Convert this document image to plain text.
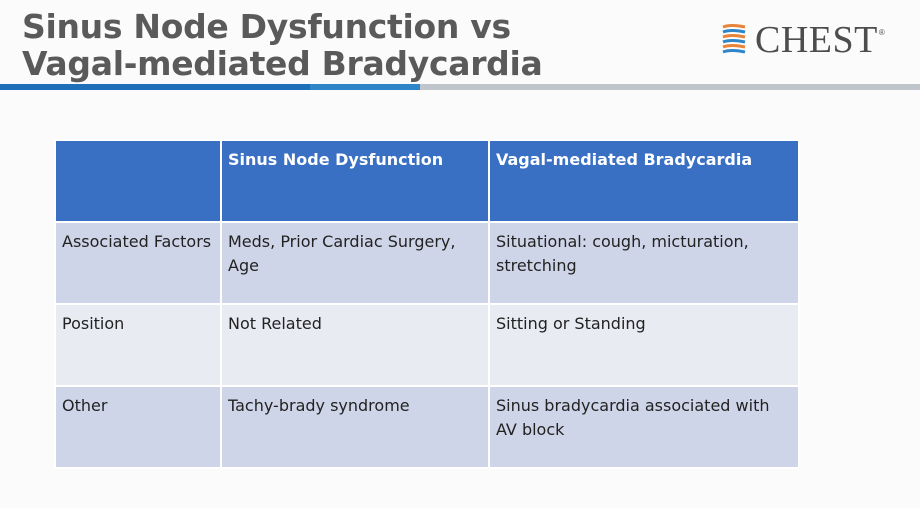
Sinus Node Dysfunction vs
Vagal-mediated Bradycardia
CHEST ®
	Sinus Node Dysfunction	Vagal-mediated Bradycardia
Associated Factors	Meds, Prior Cardiac Surgery, Age	Situational: cough, micturation, stretching
Position	Not Related	Sitting or Standing
Other	Tachy-brady syndrome	Sinus bradycardia associated with AV block
